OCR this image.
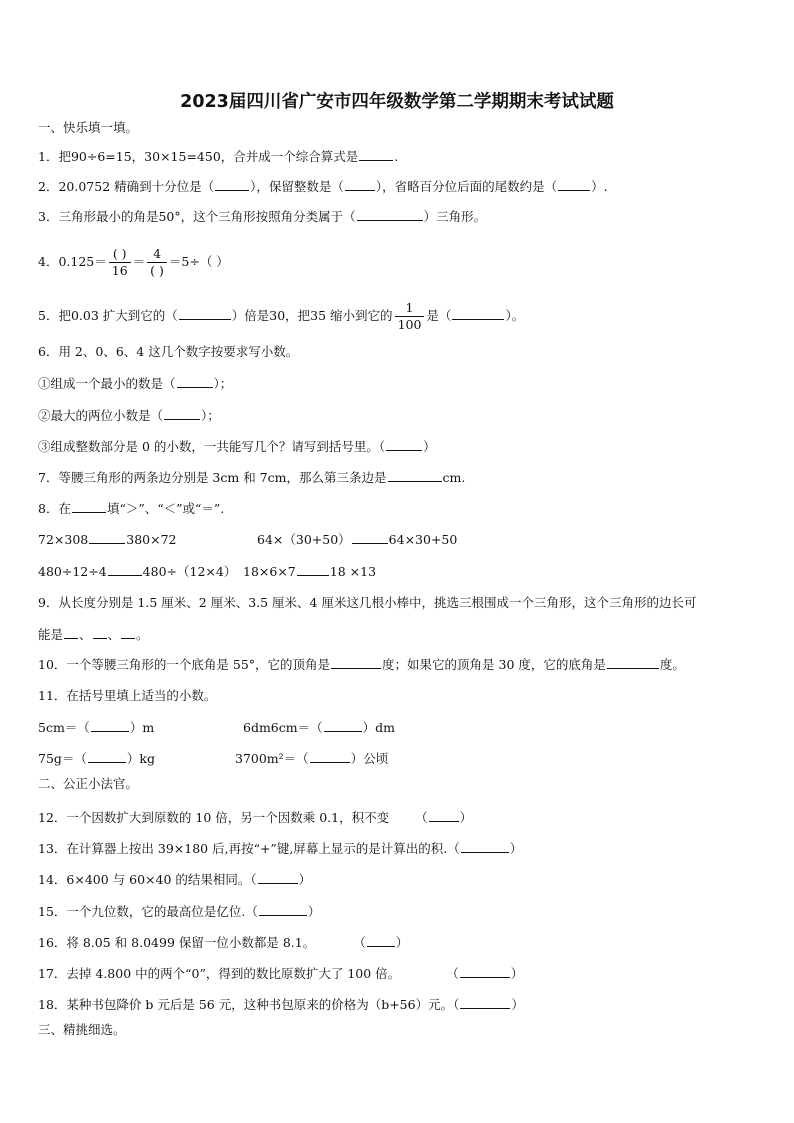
2023届四川省广安市四年级数学第二学期期末考试试题
一、快乐填一填。
1．把90÷6=15，30×15=450，合并成一个综合算式是	.
2．20.0752 精确到十分位是（	），保留整数是（	），省略百分位后面的尾数约是（	）.
3．三角形最小的角是50°，这个三角形按照角分类属于（	）三角形。
4．$0.125= \frac{( )}{16} = \frac{4}{( )} =5\div$（ ）
5．把0.03 扩大到它的（	）倍是30，把35 缩小到它的 $\frac{1}{100}$ 是（	）。
6．用 2、0、6、4 这几个数字按要求写小数。
①组成一个最小的数是（	）；
②最大的两位小数是（	）；
③组成整数部分是 0 的小数，一共能写几个？请写到括号里。（	）
7．等腰三角形的两条边分别是 3cm 和 7cm，那么第三条边是	cm.
8．在	填“＞”、“＜”或“＝”.
72×308	380×72	64×（30+50）	64×30+50
480÷12÷4	480÷（12×4） 18×6×7	18 ×13
9．从长度分别是 1.5 厘米、2 厘米、3.5 厘米、4 厘米这几根小棒中，挑选三根围成一个三角形，这个三角形的边长可
能是 、 、 。
10．一个等腰三角形的一个底角是 55°，它的顶角是	度；如果它的顶角是 30 度，它的底角是	度。
11．在括号里填上适当的小数。
5cm＝（	）m	6dm6cm＝（	）dm
75g＝（	）kg	3700m²＝（	）公顷
二、公正小法官。
12．一个因数扩大到原数的 10 倍，另一个因数乘 0.1，积不变 （	）
13．在计算器上按出 39×180 后,再按“+”键,屏幕上显示的是计算出的积.（	）
14．6×400 与 60×40 的结果相同。（	）
15．一个九位数，它的最高位是亿位.（	）
16．将 8.05 和 8.0499 保留一位小数都是 8.1。	（ ）
17．去掉 4.800 中的两个“0”，得到的数比原数扩大了 100 倍。	（	）
18．某种书包降价 b 元后是 56 元，这种书包原来的价格为（b+56）元。（	）
三、精挑细选。
